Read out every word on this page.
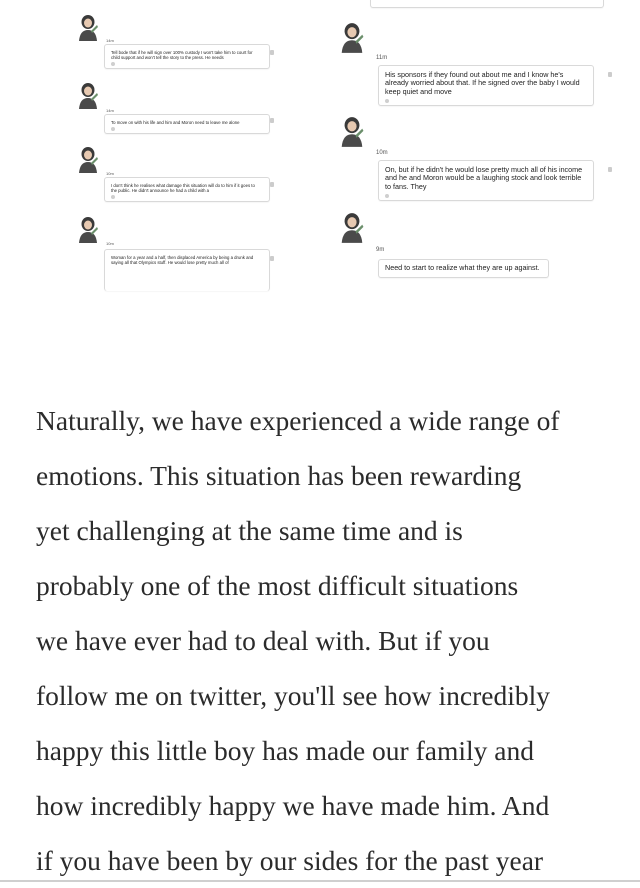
14m
Tell bode that if he will sign over 100% custody I won't take him to court for child support and won't tell the story to the press. He needs
14m
To move on with his life and him and Moron need to leave me alone
10m
I don't think he realises what damage this situation will do to him if it goes to the public. He didn't announce he had a child with a
10m
Woman for a year and a half, then displaced America by being a drunk and saying all that Olympics stuff. He would lose pretty much all of
11m
His sponsors if they found out about me and I know he's already worried about that. If he signed over the baby I would keep quiet and move
10m
On, but if he didn't he would lose pretty much all of his income and he and Moron would be a laughing stock and look terrible to fans. They
9m
Need to start to realize what they are up against.
Naturally, we have experienced a wide range of
emotions. This situation has been rewarding
yet challenging at the same time and is
probably one of the most difficult situations
we have ever had to deal with. But if you
follow me on twitter, you'll see how incredibly
happy this little boy has made our family and
how incredibly happy we have made him. And
if you have been by our sides for the past year
